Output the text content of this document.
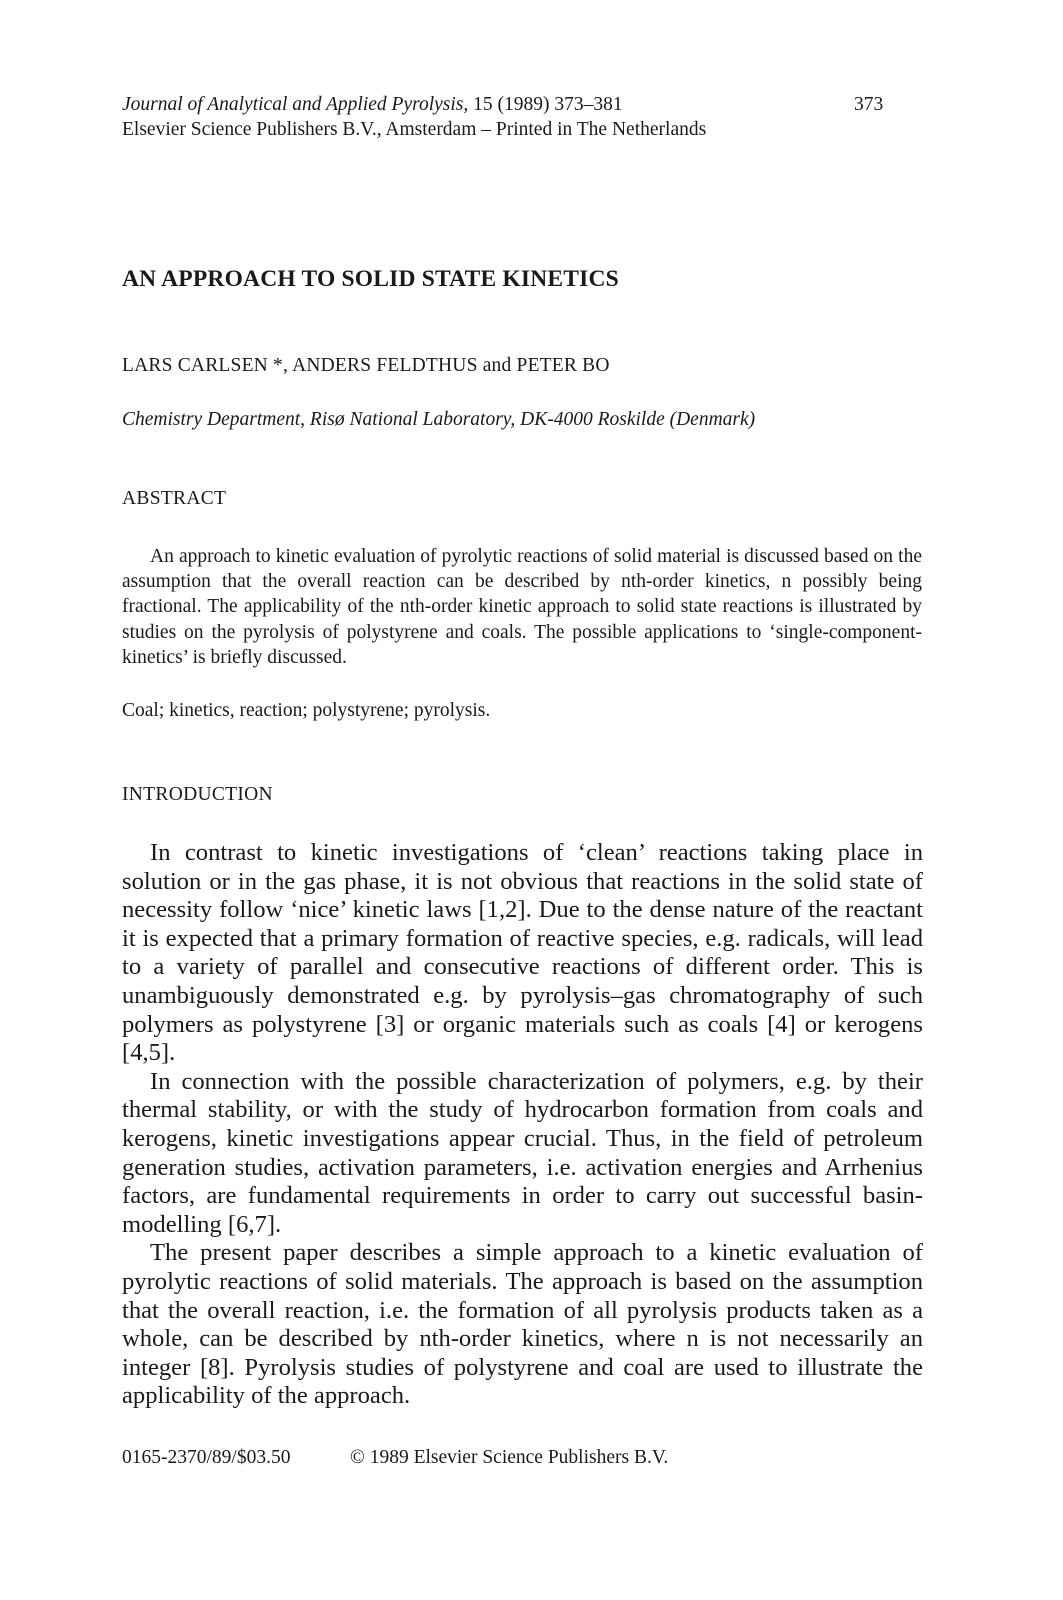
Journal of Analytical and Applied Pyrolysis, 15 (1989) 373–381	373
Elsevier Science Publishers B.V., Amsterdam – Printed in The Netherlands
AN APPROACH TO SOLID STATE KINETICS
LARS CARLSEN *, ANDERS FELDTHUS and PETER BO
Chemistry Department, Risø National Laboratory, DK-4000 Roskilde (Denmark)
ABSTRACT

An approach to kinetic evaluation of pyrolytic reactions of solid material is discussed based on the assumption that the overall reaction can be described by nth-order kinetics, n possibly being fractional. The applicability of the nth-order kinetic approach to solid state reactions is illustrated by studies on the pyrolysis of polystyrene and coals. The possible applications to ‘single-component-kinetics’ is briefly discussed.

Coal; kinetics, reaction; polystyrene; pyrolysis.
INTRODUCTION

In contrast to kinetic investigations of ‘clean’ reactions taking place in solution or in the gas phase, it is not obvious that reactions in the solid state of necessity follow ‘nice’ kinetic laws [1,2]. Due to the dense nature of the reactant it is expected that a primary formation of reactive species, e.g. radicals, will lead to a variety of parallel and consecutive reactions of different order. This is unambiguously demonstrated e.g. by pyrolysis–gas chromatography of such polymers as polystyrene [3] or organic materials such as coals [4] or kerogens [4,5].

In connection with the possible characterization of polymers, e.g. by their thermal stability, or with the study of hydrocarbon formation from coals and kerogens, kinetic investigations appear crucial. Thus, in the field of petroleum generation studies, activation parameters, i.e. activation energies and Arrhenius factors, are fundamental requirements in order to carry out successful basin-modelling [6,7].

The present paper describes a simple approach to a kinetic evaluation of pyrolytic reactions of solid materials. The approach is based on the assumption that the overall reaction, i.e. the formation of all pyrolysis products taken as a whole, can be described by nth-order kinetics, where n is not necessarily an integer [8]. Pyrolysis studies of polystyrene and coal are used to illustrate the applicability of the approach.

0165-2370/89/$03.50	© 1989 Elsevier Science Publishers B.V.
